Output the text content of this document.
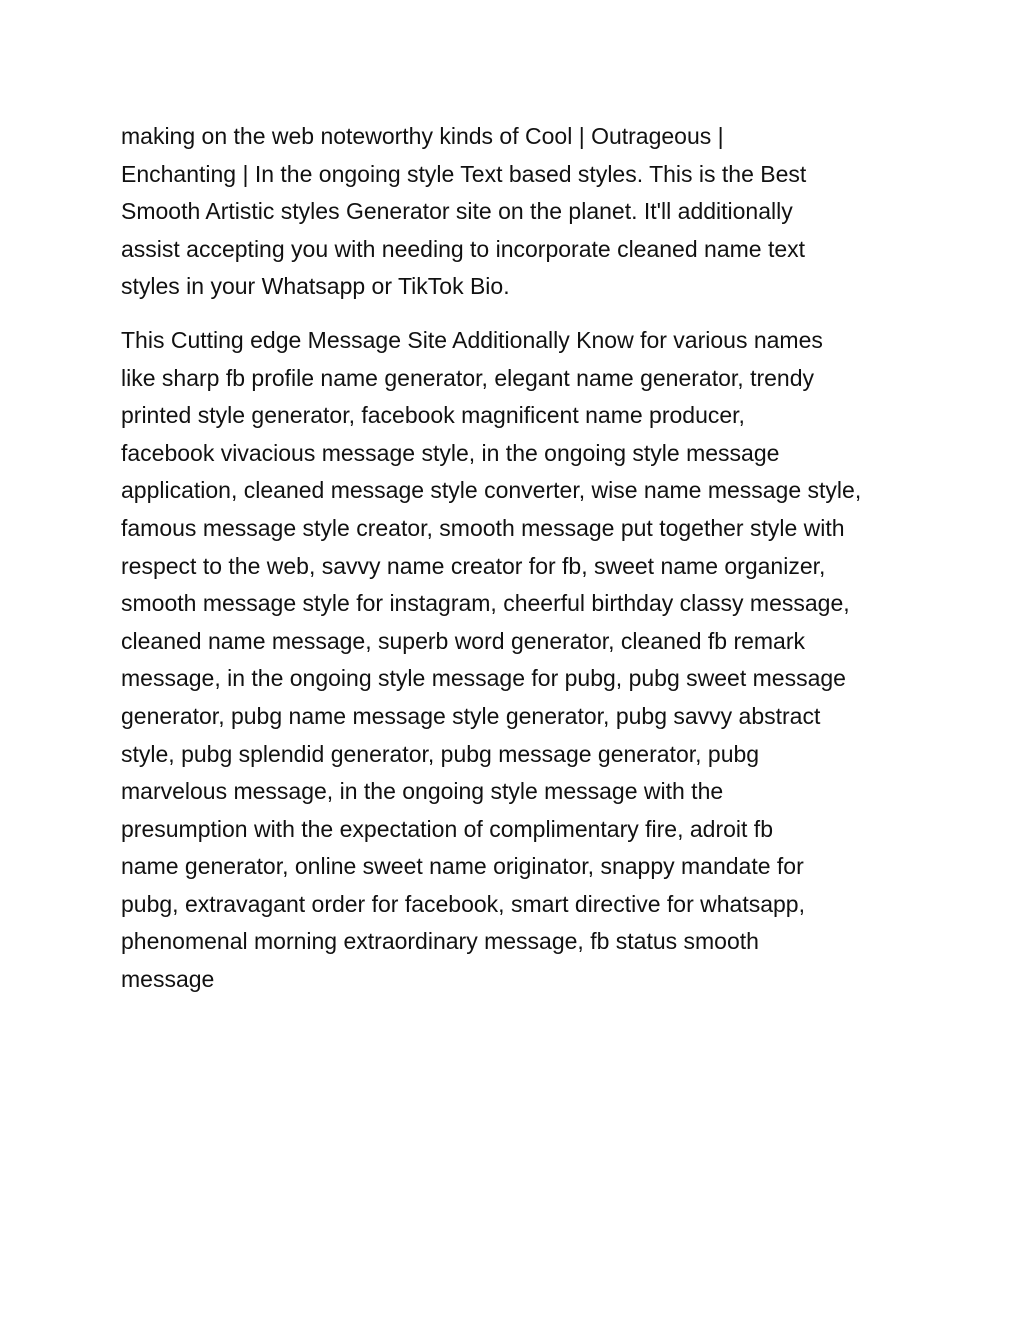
making on the web noteworthy kinds of Cool | Outrageous |
Enchanting | In the ongoing style Text based styles. This is the Best
Smooth Artistic styles Generator site on the planet. It'll additionally
assist accepting you with needing to incorporate cleaned name text
styles in your Whatsapp or TikTok Bio.

This Cutting edge Message Site Additionally Know for various names
like sharp fb profile name generator, elegant name generator, trendy
printed style generator, facebook magnificent name producer,
facebook vivacious message style, in the ongoing style message
application, cleaned message style converter, wise name message style,
famous message style creator, smooth message put together style with
respect to the web, savvy name creator for fb, sweet name organizer,
smooth message style for instagram, cheerful birthday classy message,
cleaned name message, superb word generator, cleaned fb remark
message, in the ongoing style message for pubg, pubg sweet message
generator, pubg name message style generator, pubg savvy abstract
style, pubg splendid generator, pubg message generator, pubg
marvelous message, in the ongoing style message with the
presumption with the expectation of complimentary fire, adroit fb
name generator, online sweet name originator, snappy mandate for
pubg, extravagant order for facebook, smart directive for whatsapp,
phenomenal morning extraordinary message, fb status smooth
message
